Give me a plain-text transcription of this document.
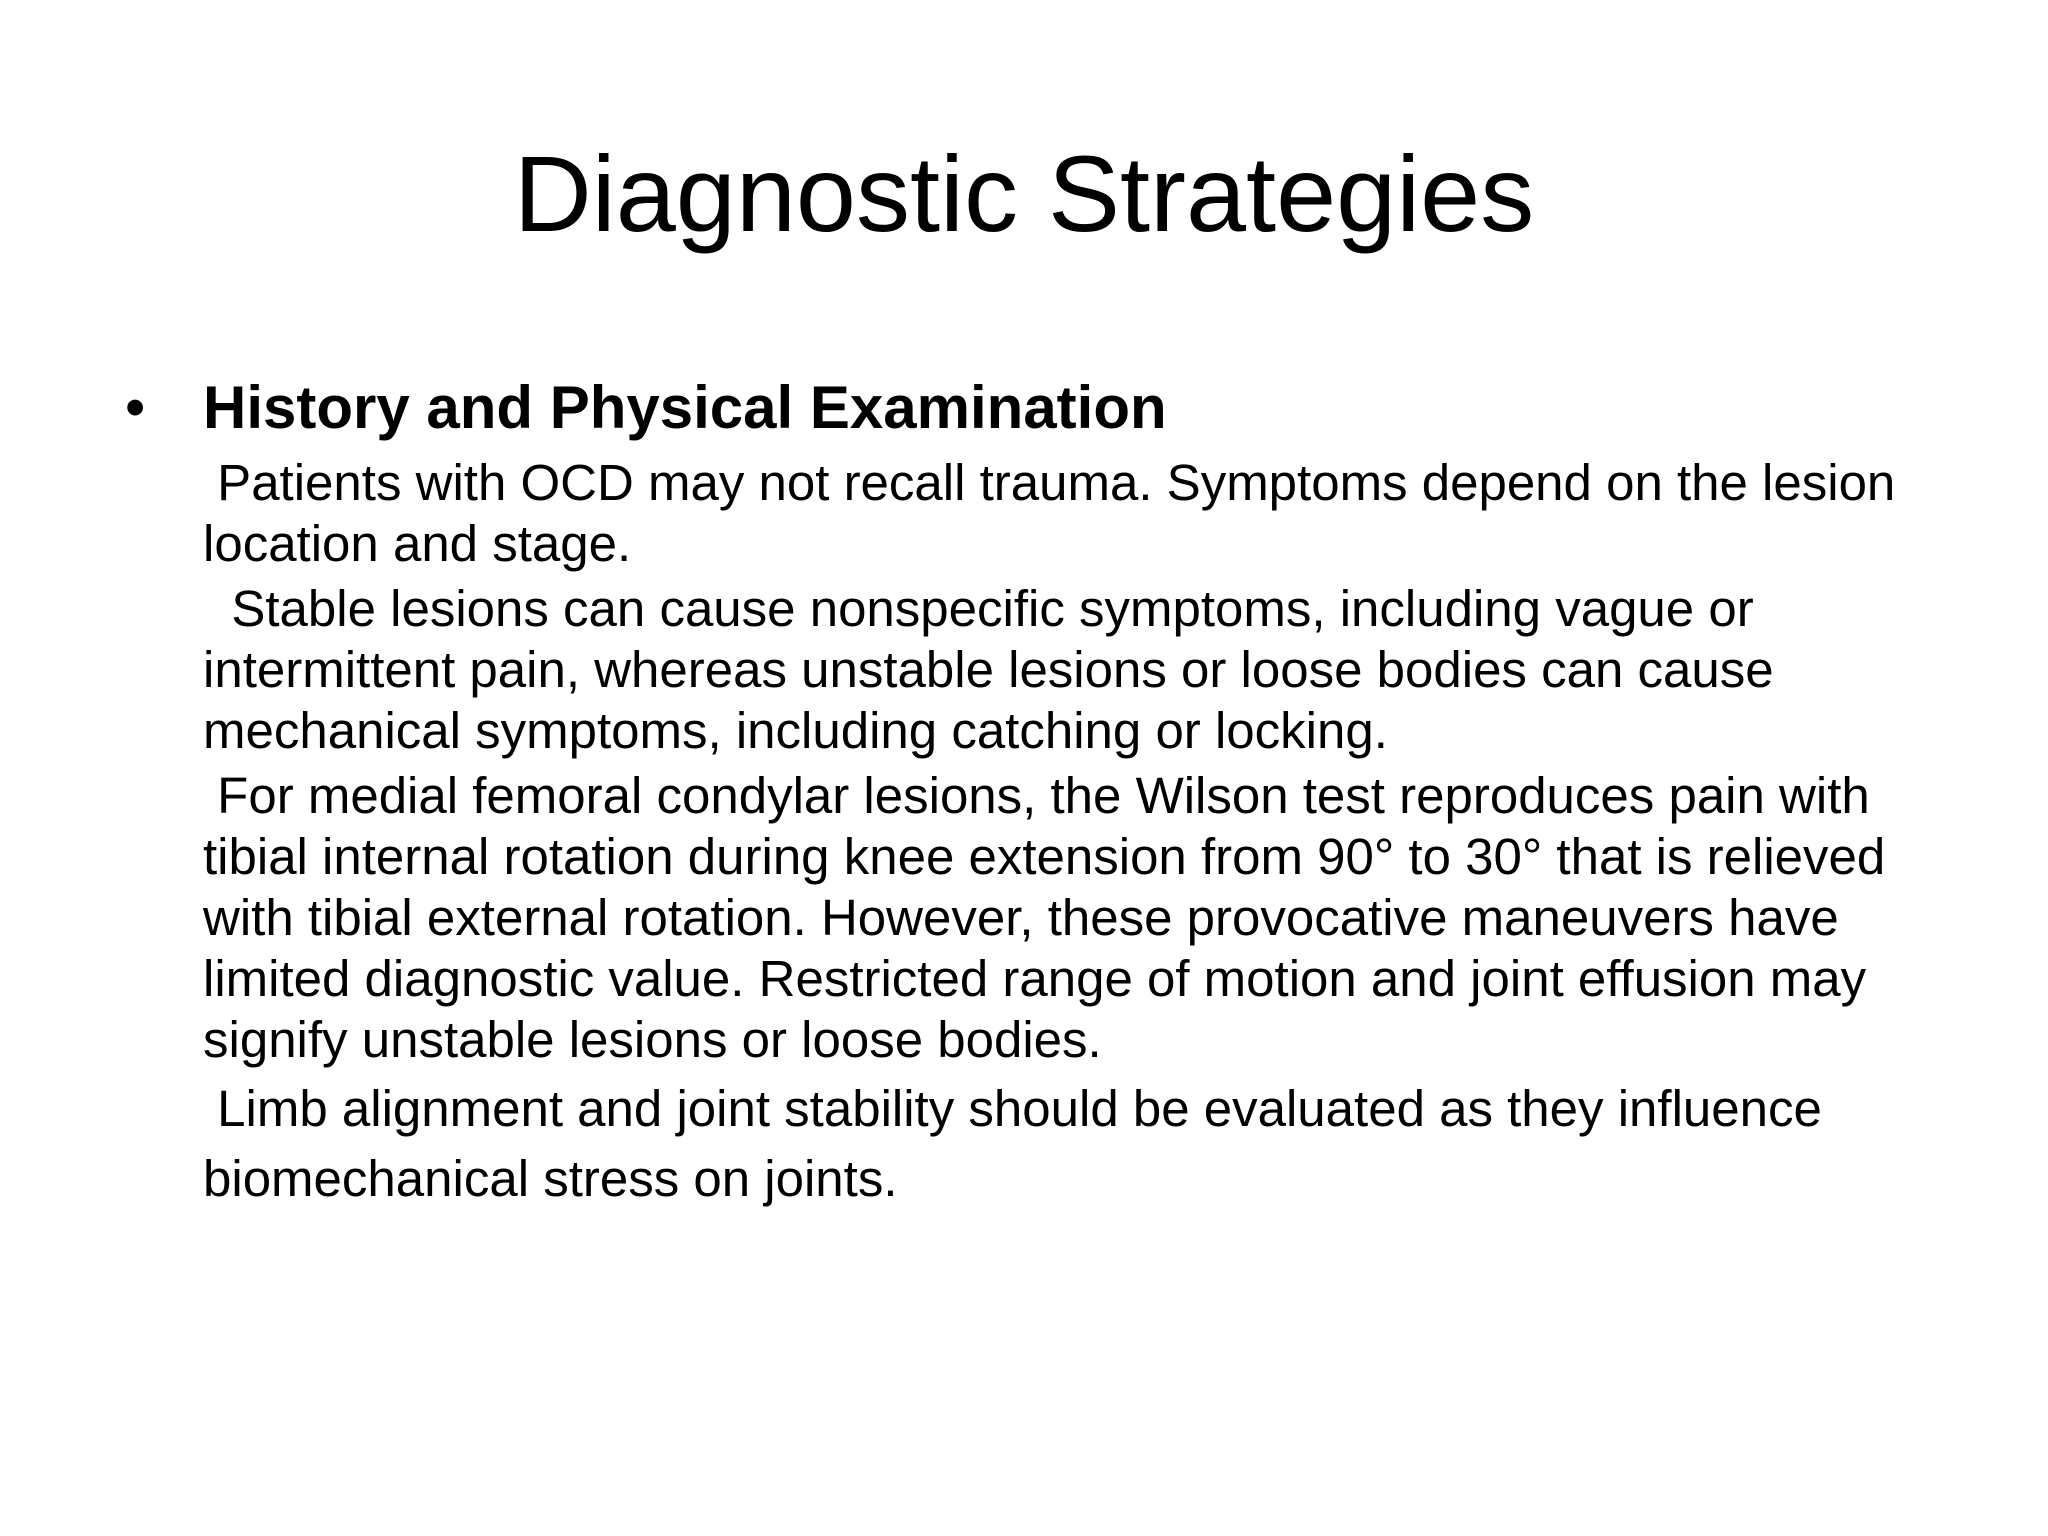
Diagnostic Strategies
• History and Physical Examination

Patients with OCD may not recall trauma. Symptoms depend on the lesion location and stage.

Stable lesions can cause nonspecific symptoms, including vague or intermittent pain, whereas unstable lesions or loose bodies can cause mechanical symptoms, including catching or locking.

For medial femoral condylar lesions, the Wilson test reproduces pain with tibial internal rotation during knee extension from 90° to 30° that is relieved with tibial external rotation. However, these provocative maneuvers have limited diagnostic value. Restricted range of motion and joint effusion may signify unstable lesions or loose bodies.

Limb alignment and joint stability should be evaluated as they influence biomechanical stress on joints.
